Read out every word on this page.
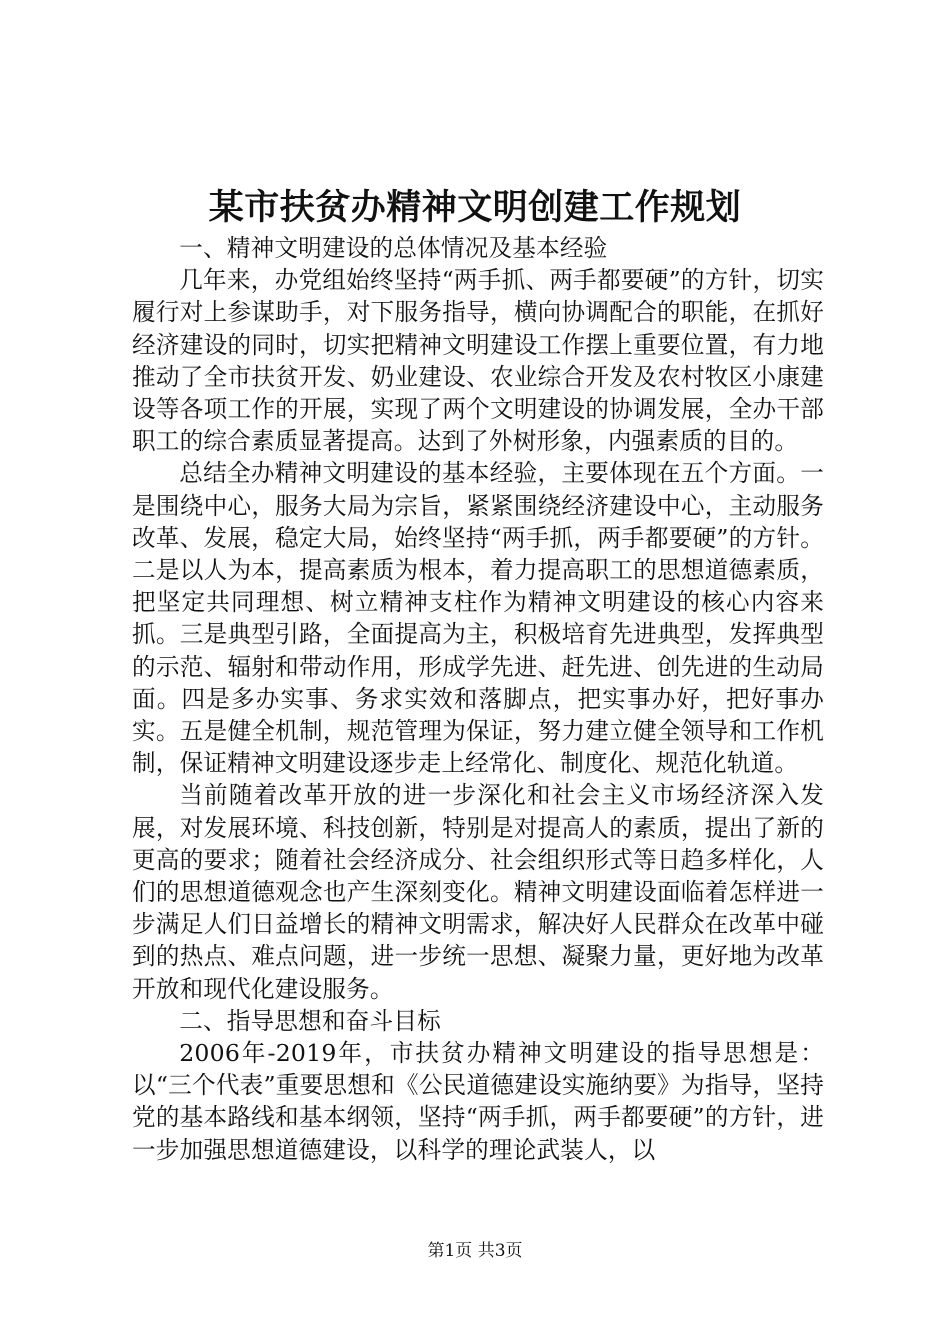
某市扶贫办精神文明创建工作规划

一、精神文明建设的总体情况及基本经验

几年来，办党组始终坚持“两手抓、两手都要硬”的方针，切实履行对上参谋助手，对下服务指导，横向协调配合的职能，在抓好经济建设的同时，切实把精神文明建设工作摆上重要位置，有力地推动了全市扶贫开发、奶业建设、农业综合开发及农村牧区小康建设等各项工作的开展，实现了两个文明建设的协调发展，全办干部职工的综合素质显著提高。达到了外树形象，内强素质的目的。

总结全办精神文明建设的基本经验，主要体现在五个方面。一是围绕中心，服务大局为宗旨，紧紧围绕经济建设中心，主动服务改革、发展，稳定大局，始终坚持“两手抓，两手都要硬”的方针。二是以人为本，提高素质为根本，着力提高职工的思想道德素质，把坚定共同理想、树立精神支柱作为精神文明建设的核心内容来抓。三是典型引路，全面提高为主，积极培育先进典型，发挥典型的示范、辐射和带动作用，形成学先进、赶先进、创先进的生动局面。四是多办实事、务求实效和落脚点，把实事办好，把好事办实。五是健全机制，规范管理为保证，努力建立健全领导和工作机制，保证精神文明建设逐步走上经常化、制度化、规范化轨道。

当前随着改革开放的进一步深化和社会主义市场经济深入发展，对发展环境、科技创新，特别是对提高人的素质，提出了新的更高的要求；随着社会经济成分、社会组织形式等日趋多样化，人们的思想道德观念也产生深刻变化。精神文明建设面临着怎样进一步满足人们日益增长的精神文明需求，解决好人民群众在改革中碰到的热点、难点问题，进一步统一思想、凝聚力量，更好地为改革开放和现代化建设服务。

二、指导思想和奋斗目标

2006年-2019年，市扶贫办精神文明建设的指导思想是：以“三个代表”重要思想和《公民道德建设实施纳要》为指导，坚持党的基本路线和基本纲领，坚持“两手抓，两手都要硬”的方针，进一步加强思想道德建设，以科学的理论武装人，以

第1页 共3页
